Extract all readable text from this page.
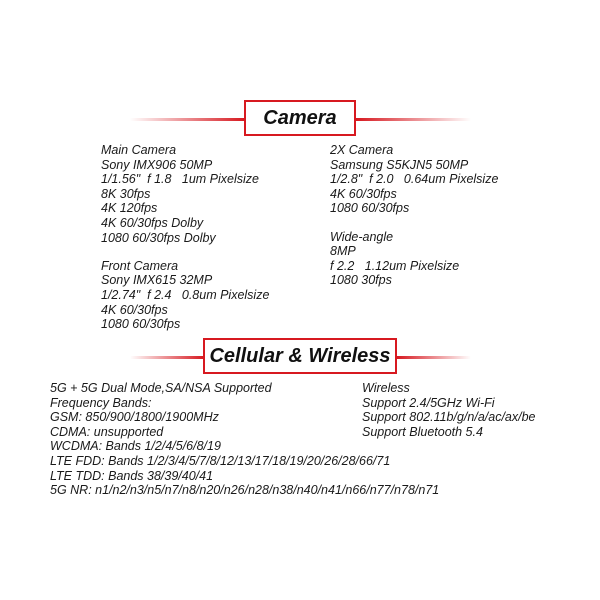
Camera
Main Camera
Sony IMX906 50MP
1/1.56"  f 1.8   1um Pixelsize
8K 30fps
4K 120fps
4K 60/30fps Dolby
1080 60/30fps Dolby
Front Camera
Sony IMX615 32MP
1/2.74"  f 2.4   0.8um Pixelsize
4K 60/30fps
1080 60/30fps
2X Camera
Samsung S5KJN5 50MP
1/2.8"  f 2.0   0.64um Pixelsize
4K 60/30fps
1080 60/30fps
Wide-angle
8MP
f 2.2   1.12um Pixelsize
1080 30fps
Cellular & Wireless
5G + 5G Dual Mode,SA/NSA Supported
Frequency Bands:
GSM: 850/900/1800/1900MHz
CDMA: unsupported
WCDMA: Bands 1/2/4/5/6/8/19
LTE FDD: Bands 1/2/3/4/5/7/8/12/13/17/18/19/20/26/28/66/71
LTE TDD: Bands 38/39/40/41
5G NR: n1/n2/n3/n5/n7/n8/n20/n26/n28/n38/n40/n41/n66/n77/n78/n71
Wireless
Support 2.4/5GHz Wi-Fi
Support 802.11b/g/n/a/ac/ax/be
Support Bluetooth 5.4
